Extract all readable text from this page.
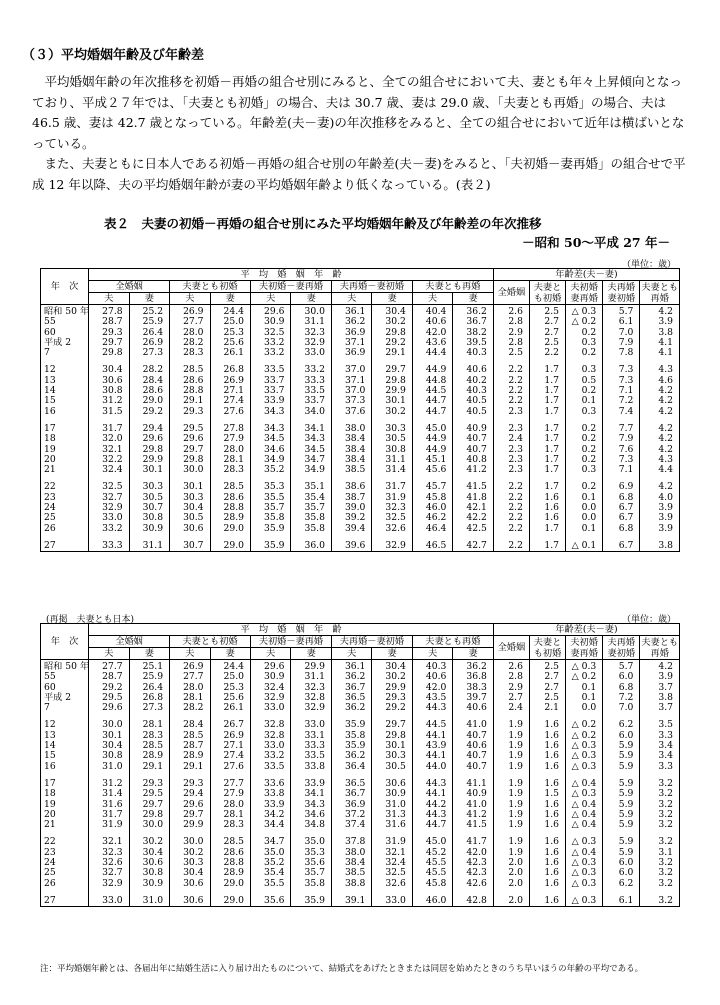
（３）平均婚姻年齢及び年齢差

平均婚姻年齢の年次推移を初婚－再婚の組合せ別にみると、全ての組合せにおいて夫、妻とも年々上昇傾向となっており、平成２７年では、「夫妻とも初婚」の場合、夫は 30.7 歳、妻は 29.0 歳、「夫妻とも再婚」の場合、夫は 46.5 歳、妻は 42.7 歳となっている。年齢差(夫－妻)の年次推移をみると、全ての組合せにおいて近年は横ばいとなっている。

また、夫妻ともに日本人である初婚－再婚の組合せ別の年齢差(夫－妻)をみると、「夫初婚－妻再婚」の組合せで平成 12 年以降、夫の平均婚姻年齢が妻の平均婚姻年齢より低くなっている。(表２)

表２　夫妻の初婚－再婚の組合せ別にみた平均婚姻年齢及び年齢差の年次推移
－昭和 50～平成 27 年－
（単位：歳）
年　次	平　均　婚　姻　年　齢										年齢差(夫－妻)				
	全婚姻		夫妻とも初婚		夫初婚－妻再婚		夫再婚－妻初婚		夫妻とも再婚		全婚姻	夫妻とも初婚	夫初婚妻再婚	夫再婚妻初婚	夫妻とも再婚
	夫	妻	夫	妻	夫	妻	夫	妻	夫	妻					
昭和 50 年	27.8	25.2	26.9	24.4	29.6	30.0	36.1	30.4	40.4	36.2	2.6	2.5	△ 0.3	5.7	4.2
55	28.7	25.9	27.7	25.0	30.9	31.1	36.2	30.2	40.6	36.7	2.8	2.7	△ 0.2	6.1	3.9
60	29.3	26.4	28.0	25.3	32.5	32.3	36.9	29.8	42.0	38.2	2.9	2.7	0.2	7.0	3.8
平成 2	29.7	26.9	28.2	25.6	33.2	32.9	37.1	29.2	43.6	39.5	2.8	2.5	0.3	7.9	4.1
7	29.8	27.3	28.3	26.1	33.2	33.0	36.9	29.1	44.4	40.3	2.5	2.2	0.2	7.8	4.1

12	30.4	28.2	28.5	26.8	33.5	33.2	37.0	29.7	44.9	40.6	2.2	1.7	0.3	7.3	4.3
13	30.6	28.4	28.6	26.9	33.7	33.3	37.1	29.8	44.8	40.2	2.2	1.7	0.5	7.3	4.6
14	30.8	28.6	28.8	27.1	33.7	33.5	37.0	29.9	44.5	40.3	2.2	1.7	0.2	7.1	4.2
15	31.2	29.0	29.1	27.4	33.9	33.7	37.3	30.1	44.7	40.5	2.2	1.7	0.1	7.2	4.2
16	31.5	29.2	29.3	27.6	34.3	34.0	37.6	30.2	44.7	40.5	2.3	1.7	0.3	7.4	4.2

17	31.7	29.4	29.5	27.8	34.3	34.1	38.0	30.3	45.0	40.9	2.3	1.7	0.2	7.7	4.2
18	32.0	29.6	29.6	27.9	34.5	34.3	38.4	30.5	44.9	40.7	2.4	1.7	0.2	7.9	4.2
19	32.1	29.8	29.7	28.0	34.6	34.5	38.4	30.8	44.9	40.7	2.3	1.7	0.2	7.6	4.2
20	32.2	29.9	29.8	28.1	34.9	34.7	38.4	31.1	45.1	40.8	2.3	1.7	0.2	7.3	4.3
21	32.4	30.1	30.0	28.3	35.2	34.9	38.5	31.4	45.6	41.2	2.3	1.7	0.3	7.1	4.4

22	32.5	30.3	30.1	28.5	35.3	35.1	38.6	31.7	45.7	41.5	2.2	1.7	0.2	6.9	4.2
23	32.7	30.5	30.3	28.6	35.5	35.4	38.7	31.9	45.8	41.8	2.2	1.6	0.1	6.8	4.0
24	32.9	30.7	30.4	28.8	35.7	35.7	39.0	32.3	46.0	42.1	2.2	1.6	0.0	6.7	3.9
25	33.0	30.8	30.5	28.9	35.8	35.8	39.2	32.5	46.2	42.2	2.2	1.6	0.0	6.7	3.9
26	33.2	30.9	30.6	29.0	35.9	35.8	39.4	32.6	46.4	42.5	2.2	1.7	0.1	6.8	3.9

27	33.3	31.1	30.7	29.0	35.9	36.0	39.6	32.9	46.5	42.7	2.2	1.7	△ 0.1	6.7	3.8
(再掲　夫妻とも日本)	（単位：歳）
年　次	平　均　婚　姻　年　齢										年齢差(夫－妻)				
	全婚姻		夫妻とも初婚		夫初婚－妻再婚		夫再婚－妻初婚		夫妻とも再婚		全婚姻	夫妻とも初婚	夫初婚妻再婚	夫再婚妻初婚	夫妻とも再婚
	夫	妻	夫	妻	夫	妻	夫	妻	夫	妻					
昭和 50 年	27.7	25.1	26.9	24.4	29.6	29.9	36.1	30.4	40.3	36.2	2.6	2.5	△ 0.3	5.7	4.2
55	28.7	25.9	27.7	25.0	30.9	31.1	36.2	30.2	40.6	36.8	2.8	2.7	△ 0.2	6.0	3.9
60	29.2	26.4	28.0	25.3	32.4	32.3	36.7	29.9	42.0	38.3	2.9	2.7	0.1	6.8	3.7
平成 2	29.5	26.8	28.1	25.6	32.9	32.8	36.5	29.3	43.5	39.7	2.7	2.5	0.1	7.2	3.8
7	29.6	27.3	28.2	26.1	33.0	32.9	36.2	29.2	44.3	40.6	2.4	2.1	0.0	7.0	3.7

12	30.0	28.1	28.4	26.7	32.8	33.0	35.9	29.7	44.5	41.0	1.9	1.6	△ 0.2	6.2	3.5
13	30.1	28.3	28.5	26.9	32.8	33.1	35.8	29.8	44.1	40.7	1.9	1.6	△ 0.2	6.0	3.3
14	30.4	28.5	28.7	27.1	33.0	33.3	35.9	30.1	43.9	40.6	1.9	1.6	△ 0.3	5.9	3.4
15	30.8	28.9	28.9	27.4	33.2	33.5	36.2	30.3	44.1	40.7	1.9	1.6	△ 0.3	5.9	3.4
16	31.0	29.1	29.1	27.6	33.5	33.8	36.4	30.5	44.0	40.7	1.9	1.6	△ 0.3	5.9	3.3

17	31.2	29.3	29.3	27.7	33.6	33.9	36.5	30.6	44.3	41.1	1.9	1.6	△ 0.4	5.9	3.2
18	31.4	29.5	29.4	27.9	33.8	34.1	36.7	30.9	44.1	40.9	1.9	1.5	△ 0.3	5.9	3.2
19	31.6	29.7	29.6	28.0	33.9	34.3	36.9	31.0	44.2	41.0	1.9	1.6	△ 0.4	5.9	3.2
20	31.7	29.8	29.7	28.1	34.2	34.6	37.2	31.3	44.3	41.2	1.9	1.6	△ 0.4	5.9	3.2
21	31.9	30.0	29.9	28.3	34.4	34.8	37.4	31.6	44.7	41.5	1.9	1.6	△ 0.4	5.9	3.2

22	32.1	30.2	30.0	28.5	34.7	35.0	37.8	31.9	45.0	41.7	1.9	1.6	△ 0.3	5.9	3.2
23	32.3	30.4	30.2	28.6	35.0	35.3	38.0	32.1	45.2	42.0	1.9	1.6	△ 0.4	5.9	3.1
24	32.6	30.6	30.3	28.8	35.2	35.6	38.4	32.4	45.5	42.3	2.0	1.6	△ 0.3	6.0	3.2
25	32.7	30.8	30.4	28.9	35.4	35.7	38.5	32.5	45.5	42.3	2.0	1.6	△ 0.3	6.0	3.2
26	32.9	30.9	30.6	29.0	35.5	35.8	38.8	32.6	45.8	42.6	2.0	1.6	△ 0.3	6.2	3.2

27	33.0	31.0	30.6	29.0	35.6	35.9	39.1	33.0	46.0	42.8	2.0	1.6	△ 0.3	6.1	3.2
注：平均婚姻年齢とは、各届出年に結婚生活に入り届け出たものについて、結婚式をあげたときまたは同居を始めたときのうち早いほうの年齢の平均である。
